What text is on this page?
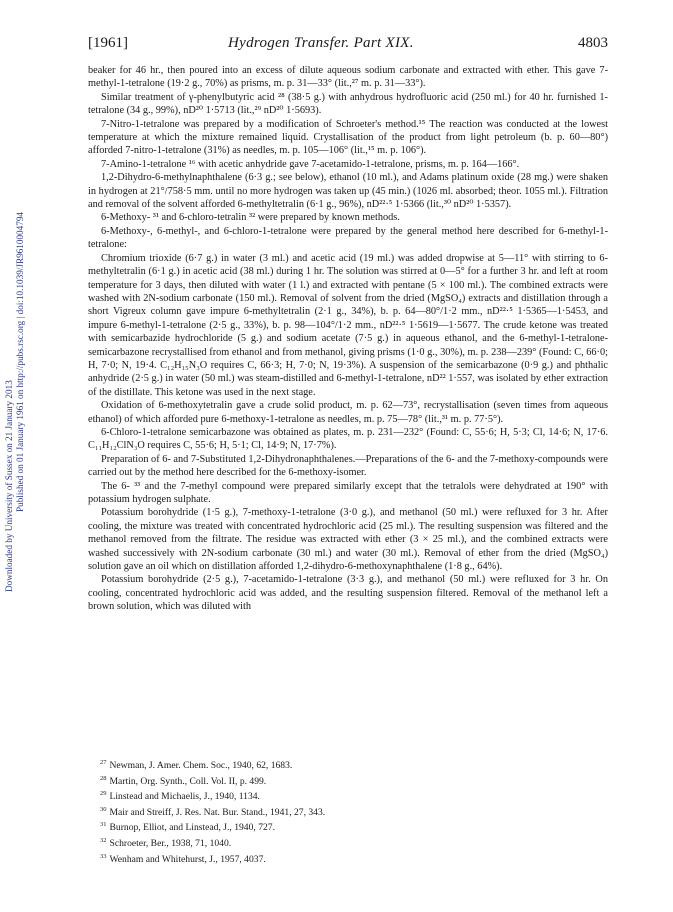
Downloaded by University of Sussex on 21 January 2013 Published on 01 January 1961 on http://pubs.rsc.org | doi:10.1039/JR9610004794
[1961]	Hydrogen Transfer. Part XIX.	4803

beaker for 46 hr., then poured into an excess of dilute aqueous sodium carbonate and extracted with ether. This gave 7-methyl-1-tetralone (19·2 g., 70%) as prisms, m. p. 31—33° (lit.,²⁷ m. p. 31—33°).

Similar treatment of γ-phenylbutyric acid ²⁸ (38·5 g.) with anhydrous hydrofluoric acid (250 ml.) for 40 hr. furnished 1-tetralone (34 g., 99%), nD²⁰ 1·5713 (lit.,²⁹ nD²⁰ 1·5693).

7-Nitro-1-tetralone was prepared by a modification of Schroeter's method.¹⁵ The reaction was conducted at the lowest temperature at which the mixture remained liquid. Crystallisation of the product from light petroleum (b. p. 60—80°) afforded 7-nitro-1-tetralone (31%) as needles, m. p. 105—106° (lit.,¹⁵ m. p. 106°).

7-Amino-1-tetralone ¹⁶ with acetic anhydride gave 7-acetamido-1-tetralone, prisms, m. p. 164—166°.

1,2-Dihydro-6-methylnaphthalene (6·3 g.; see below), ethanol (10 ml.), and Adams platinum oxide (28 mg.) were shaken in hydrogen at 21°/758·5 mm. until no more hydrogen was taken up (45 min.) (1026 ml. absorbed; theor. 1055 ml.). Filtration and removal of the solvent afforded 6-methyltetralin (6·1 g., 96%), nD²²·⁵ 1·5366 (lit.,³⁰ nD²⁰ 1·5357).

6-Methoxy- ³¹ and 6-chloro-tetralin ³² were prepared by known methods.

6-Methoxy-, 6-methyl-, and 6-chloro-1-tetralone were prepared by the general method here described for 6-methyl-1-tetralone:

Chromium trioxide (6·7 g.) in water (3 ml.) and acetic acid (19 ml.) was added dropwise at 5—11° with stirring to 6-methyltetralin (6·1 g.) in acetic acid (38 ml.) during 1 hr. The solution was stirred at 0—5° for a further 3 hr. and left at room temperature for 3 days, then diluted with water (1 l.) and extracted with pentane (5 × 100 ml.). The combined extracts were washed with 2N-sodium carbonate (150 ml.). Removal of solvent from the dried (MgSO₄) extracts and distillation through a short Vigreux column gave impure 6-methyltetralin (2·1 g., 34%), b. p. 64—80°/1·2 mm., nD²²·⁵ 1·5365—1·5453, and impure 6-methyl-1-tetralone (2·5 g., 33%), b. p. 98—104°/1·2 mm., nD²²·⁵ 1·5619—1·5677. The crude ketone was treated with semicarbazide hydrochloride (5 g.) and sodium acetate (7·5 g.) in aqueous ethanol, and the 6-methyl-1-tetralone-semicarbazone recrystallised from ethanol and from methanol, giving prisms (1·0 g., 30%), m. p. 238—239° (Found: C, 66·0; H, 7·0; N, 19·4. C₁₂H₁₅N₃O requires C, 66·3; H, 7·0; N, 19·3%). A suspension of the semicarbazone (0·9 g.) and phthalic anhydride (2·5 g.) in water (50 ml.) was steam-distilled and 6-methyl-1-tetralone, nD²² 1·557, was isolated by ether extraction of the distillate. This ketone was used in the next stage.

Oxidation of 6-methoxytetralin gave a crude solid product, m. p. 62—73°, recrystallisation (seven times from aqueous ethanol) of which afforded pure 6-methoxy-1-tetralone as needles, m. p. 75—78° (lit.,³¹ m. p. 77·5°).

6-Chloro-1-tetralone semicarbazone was obtained as plates, m. p. 231—232° (Found: C, 55·6; H, 5·3; Cl, 14·6; N, 17·6. C₁₁H₁₂ClN₃O requires C, 55·6; H, 5·1; Cl, 14·9; N, 17·7%).

Preparation of 6- and 7-Substituted 1,2-Dihydronaphthalenes.—Preparations of the 6- and the 7-methoxy-compounds were carried out by the method here described for the 6-methoxy-isomer.

The 6- ³³ and the 7-methyl compound were prepared similarly except that the tetralols were dehydrated at 190° with potassium hydrogen sulphate.

Potassium borohydride (1·5 g.), 7-methoxy-1-tetralone (3·0 g.), and methanol (50 ml.) were refluxed for 3 hr. After cooling, the mixture was treated with concentrated hydrochloric acid (25 ml.). The resulting suspension was filtered and the methanol removed from the filtrate. The residue was extracted with ether (3 × 25 ml.), and the combined extracts were washed successively with 2N-sodium carbonate (30 ml.) and water (30 ml.). Removal of ether from the dried (MgSO₄) solution gave an oil which on distillation afforded 1,2-dihydro-6-methoxynaphthalene (1·8 g., 64%).

Potassium borohydride (2·5 g.), 7-acetamido-1-tetralone (3·3 g.), and methanol (50 ml.) were refluxed for 3 hr. On cooling, concentrated hydrochloric acid was added, and the resulting suspension filtered. Removal of the methanol left a brown solution, which was diluted with

$^{27}$ Newman, J. Amer. Chem. Soc., 1940, 62, 1683.
$^{28}$ Martin, Org. Synth., Coll. Vol. II, p. 499.
$^{29}$ Linstead and Michaelis, J., 1940, 1134.
$^{30}$ Mair and Streiff, J. Res. Nat. Bur. Stand., 1941, 27, 343.
$^{31}$ Burnop, Elliot, and Linstead, J., 1940, 727.
$^{32}$ Schroeter, Ber., 1938, 71, 1040.
$^{33}$ Wenham and Whitehurst, J., 1957, 4037.
